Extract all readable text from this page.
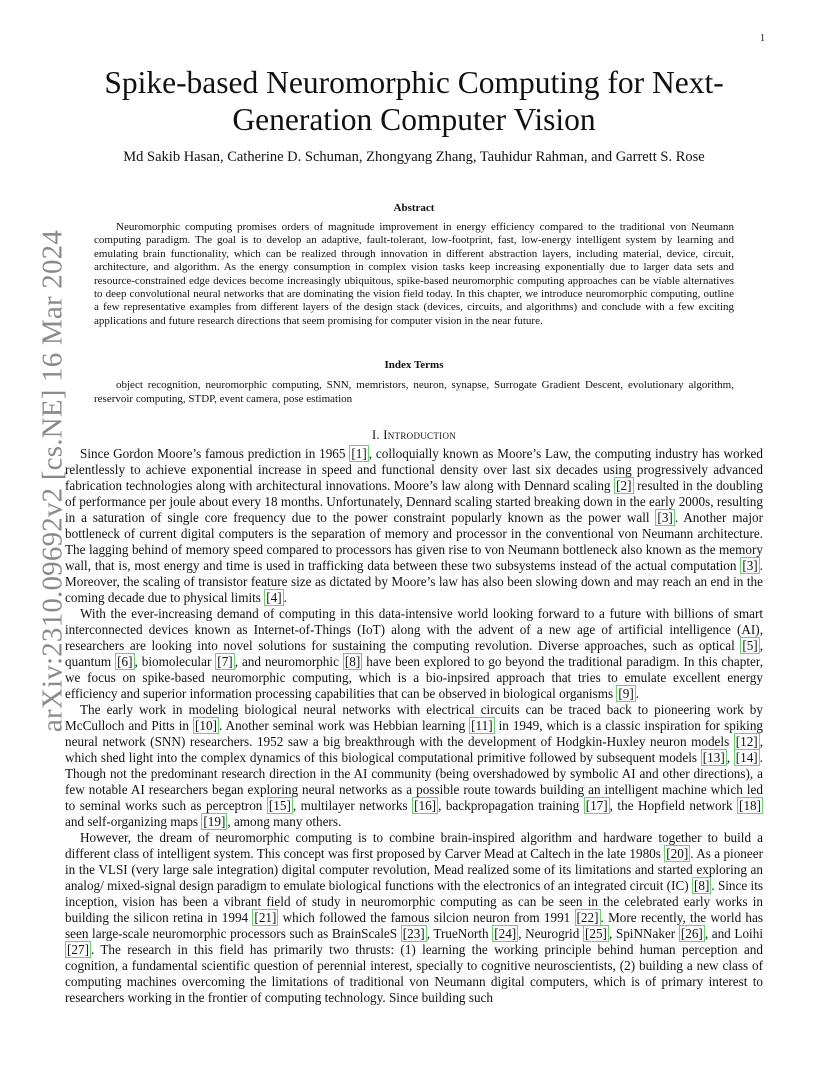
1
arXiv:2310.09692v2 [cs.NE] 16 Mar 2024
Spike-based Neuromorphic Computing for Next-Generation Computer Vision
Md Sakib Hasan, Catherine D. Schuman, Zhongyang Zhang, Tauhidur Rahman, and Garrett S. Rose
Abstract

Neuromorphic computing promises orders of magnitude improvement in energy efficiency compared to the traditional von Neumann computing paradigm. The goal is to develop an adaptive, fault-tolerant, low-footprint, fast, low-energy intelligent system by learning and emulating brain functionality, which can be realized through innovation in different abstraction layers, including material, device, circuit, architecture, and algorithm. As the energy consumption in complex vision tasks keep increasing exponentially due to larger data sets and resource-constrained edge devices become increasingly ubiquitous, spike-based neuromorphic computing approaches can be viable alternatives to deep convolutional neural networks that are dominating the vision field today. In this chapter, we introduce neuromorphic computing, outline a few representative examples from different layers of the design stack (devices, circuits, and algorithms) and conclude with a few exciting applications and future research directions that seem promising for computer vision in the near future.

Index Terms

object recognition, neuromorphic computing, SNN, memristors, neuron, synapse, Surrogate Gradient Descent, evolutionary algorithm, reservoir computing, STDP, event camera, pose estimation

I. Introduction

Since Gordon Moore’s famous prediction in 1965 [1] , colloquially known as Moore’s Law, the computing industry has worked relentlessly to achieve exponential increase in speed and functional density over last six decades using progressively advanced fabrication technologies along with architectural innovations. Moore’s law along with Dennard scaling [2] resulted in the doubling of performance per joule about every 18 months. Unfortunately, Dennard scaling started breaking down in the early 2000s, resulting in a saturation of single core frequency due to the power constraint popularly known as the power wall [3] . Another major bottleneck of current digital computers is the separation of memory and processor in the conventional von Neumann architecture. The lagging behind of memory speed compared to processors has given rise to von Neumann bottleneck also known as the memory wall, that is, most energy and time is used in trafficking data between these two subsystems instead of the actual computation [3] . Moreover, the scaling of transistor feature size as dictated by Moore’s law has also been slowing down and may reach an end in the coming decade due to physical limits [4] .

With the ever-increasing demand of computing in this data-intensive world looking forward to a future with billions of smart interconnected devices known as Internet-of-Things (IoT) along with the advent of a new age of artificial intelligence (AI), researchers are looking into novel solutions for sustaining the computing revolution. Diverse approaches, such as optical [5] , quantum [6] , biomolecular [7] , and neuromorphic [8] have been explored to go beyond the traditional paradigm. In this chapter, we focus on spike-based neuromorphic computing, which is a bio-inpsired approach that tries to emulate excellent energy efficiency and superior information processing capabilities that can be observed in biological organisms [9] .

The early work in modeling biological neural networks with electrical circuits can be traced back to pioneering work by McCulloch and Pitts in [10] . Another seminal work was Hebbian learning [11] in 1949, which is a classic inspiration for spiking neural network (SNN) researchers. 1952 saw a big breakthrough with the development of Hodgkin-Huxley neuron models [12] , which shed light into the complex dynamics of this biological computational primitive followed by subsequent models [13] , [14] . Though not the predominant research direction in the AI community (being overshadowed by symbolic AI and other directions), a few notable AI researchers began exploring neural networks as a possible route towards building an intelligent machine which led to seminal works such as perceptron [15] , multilayer networks [16] , backpropagation training [17] , the Hopfield network [18] and self-organizing maps [19] , among many others.

However, the dream of neuromorphic computing is to combine brain-inspired algorithm and hardware together to build a different class of intelligent system. This concept was first proposed by Carver Mead at Caltech in the late 1980s [20] . As a pioneer in the VLSI (very large sale integration) digital computer revolution, Mead realized some of its limitations and started exploring an analog/ mixed-signal design paradigm to emulate biological functions with the electronics of an integrated circuit (IC) [8] . Since its inception, vision has been a vibrant field of study in neuromorphic computing as can be seen in the celebrated early works in building the silicon retina in 1994 [21] which followed the famous silcion neuron from 1991 [22] . More recently, the world has seen large-scale neuromorphic processors such as BrainScaleS [23] , TrueNorth [24] , Neurogrid [25] , SpiNNaker [26] , and Loihi [27] . The research in this field has primarily two thrusts: (1) learning the working principle behind human perception and cognition, a fundamental scientific question of perennial interest, specially to cognitive neuroscientists, (2) building a new class of computing machines overcoming the limitations of traditional von Neumann digital computers, which is of primary interest to researchers working in the frontier of computing technology. Since building such
